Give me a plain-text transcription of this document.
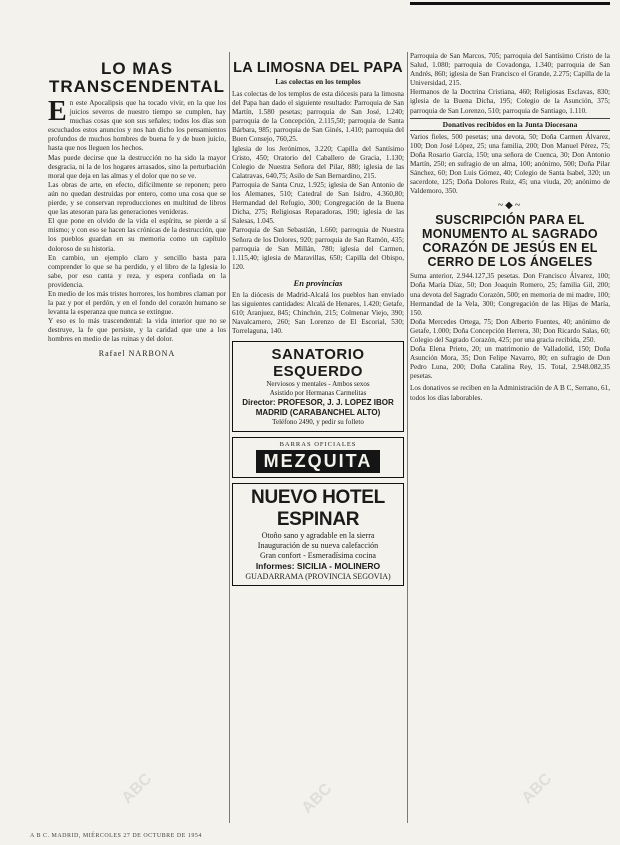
LO MAS TRANSCENDENTAL
E n este Apocalipsis que ha tocado vivir, en la que los juicios severos de nuestro tiempo se cumplen, hay muchas cosas que son sus señales; todos los días son escuchados estos anuncios y nos han dicho los pensamientos profundos de muchos hombres de buena fe y de buen juicio, hasta que nos lleguen los hechos.

Mas puede decirse que la destrucción no ha sido la mayor desgracia, ni la de los hogares arrasados, sino la perturbación moral que deja en las almas y el dolor que no se ve.

Las obras de arte, en efecto, difícilmente se reponen; pero aún no quedan destruidas por entero, como una cosa que se pierde, y se conservan reproducciones en multitud de libros que las atesoran para las generaciones venideras.

El que pone en olvido de la vida el espíritu, se pierde a sí mismo; y con eso se hacen las crónicas de la destrucción, que los pueblos guardan en su memoria como un capítulo doloroso de su historia.

En cambio, un ejemplo claro y sencillo basta para comprender lo que se ha perdido, y el libro de la Iglesia lo sabe, por eso canta y reza, y espera confiada en la providencia.

En medio de los más tristes horrores, los hombres claman por la paz y por el perdón, y en el fondo del corazón humano se levanta la esperanza que nunca se extingue.

Y eso es lo más trascendental: la vida interior que no se destruye, la fe que persiste, y la caridad que une a los hombres en medio de las ruinas y del dolor.

Rafael NARBONA
LA LIMOSNA DEL PAPA
Las colectas en los templos

Las colectas de los templos de esta diócesis para la limosna del Papa han dado el siguiente resultado: Parroquia de San Martín, 1.580 pesetas; parroquia de San José, 1.240; parroquia de la Concepción, 2.115,50; parroquia de Santa Bárbara, 985; parroquia de San Ginés, 1.410; parroquia del Buen Consejo, 760,25.

Iglesia de los Jerónimos, 3.220; Capilla del Santísimo Cristo, 450; Oratorio del Caballero de Gracia, 1.130; Colegio de Nuestra Señora del Pilar, 880; iglesia de las Calatravas, 640,75; Asilo de San Bernardino, 215.

Parroquia de Santa Cruz, 1.925; iglesia de San Antonio de los Alemanes, 510; Catedral de San Isidro, 4.360,80; Hermandad del Refugio, 300; Congregación de la Buena Dicha, 275; Religiosas Reparadoras, 190; iglesia de las Salesas, 1.045.

Parroquia de San Sebastián, 1.660; parroquia de Nuestra Señora de los Dolores, 920; parroquia de San Ramón, 435; parroquia de San Millán, 780; iglesia del Carmen, 1.115,40; iglesia de Maravillas, 650; Capilla del Obispo, 120.

En provincias

En la diócesis de Madrid-Alcalá los pueblos han enviado las siguientes cantidades: Alcalá de Henares, 1.420; Getafe, 610; Aranjuez, 845; Chinchón, 215; Colmenar Viejo, 390; Navalcarnero, 260; San Lorenzo de El Escorial, 530; Torrelaguna, 140.

SANATORIO ESQUERDO
Nerviosos y mentales - Ambos sexos
Asistido por Hermanas Carmelitas
Director: PROFESOR, J. J. LOPEZ IBOR
MADRID (CARABANCHEL ALTO)
Teléfono 2490, y pedir su folleto
BARRAS OFICIALES
MEZQUITA
NUEVO HOTEL ESPINAR
Otoño sano y agradable en la sierra
Inauguración de su nueva calefacción
Gran confort - Esmeradísima cocina
Informes: SICILIA - MOLINERO
GUADARRAMA (PROVINCIA SEGOVIA)

Parroquia de San Marcos, 705; parroquia del Santísimo Cristo de la Salud, 1.080; parroquia de Covadonga, 1.340; parroquia de San Andrés, 860; iglesia de San Francisco el Grande, 2.275; Capilla de la Universidad, 215.

Hermanos de la Doctrina Cristiana, 460; Religiosas Esclavas, 830; iglesia de la Buena Dicha, 195; Colegio de la Asunción, 375; parroquia de San Lorenzo, 510; parroquia de Santiago, 1.110.

Donativos recibidos en la Junta Diocesana

Varios fieles, 500 pesetas; una devota, 50; Doña Carmen Álvarez, 100; Don José López, 25; una familia, 200; Don Manuel Pérez, 75; Doña Rosario García, 150; una señora de Cuenca, 30; Don Antonio Martín, 250; en sufragio de un alma, 100; anónimo, 500; Doña Pilar Sánchez, 60; Don Luis Gómez, 40; Colegio de Santa Isabel, 320; un sacerdote, 125; Doña Dolores Ruiz, 45; una viuda, 20; anónimo de Valdemoro, 350.

~◆~
SUSCRIPCIÓN PARA EL MONUMENTO AL SAGRADO CORAZÓN DE JESÚS EN EL CERRO DE LOS ÁNGELES

Suma anterior, 2.944.127,35 pesetas. Don Francisco Álvarez, 100; Doña María Díaz, 50; Don Joaquín Romero, 25; familia Gil, 200; una devota del Sagrado Corazón, 500; en memoria de mi madre, 100; Hermandad de la Vela, 300; Congregación de las Hijas de María, 150.

Doña Mercedes Ortega, 75; Don Alberto Fuentes, 40; anónimo de Getafe, 1.000; Doña Concepción Herrera, 30; Don Ricardo Salas, 60; Colegio del Sagrado Corazón, 425; por una gracia recibida, 250.

Doña Elena Prieto, 20; un matrimonio de Valladolid, 150; Doña Asunción Mora, 35; Don Felipe Navarro, 80; en sufragio de Don Pedro Luna, 200; Doña Catalina Rey, 15. Total, 2.948.082,35 pesetas.

Los donativos se reciben en la Administración de A B C, Serrano, 61, todos los días laborables.

A B C. MADRID, MIÉRCOLES 27 DE OCTUBRE DE 1954
ABC
ABC	ABC
